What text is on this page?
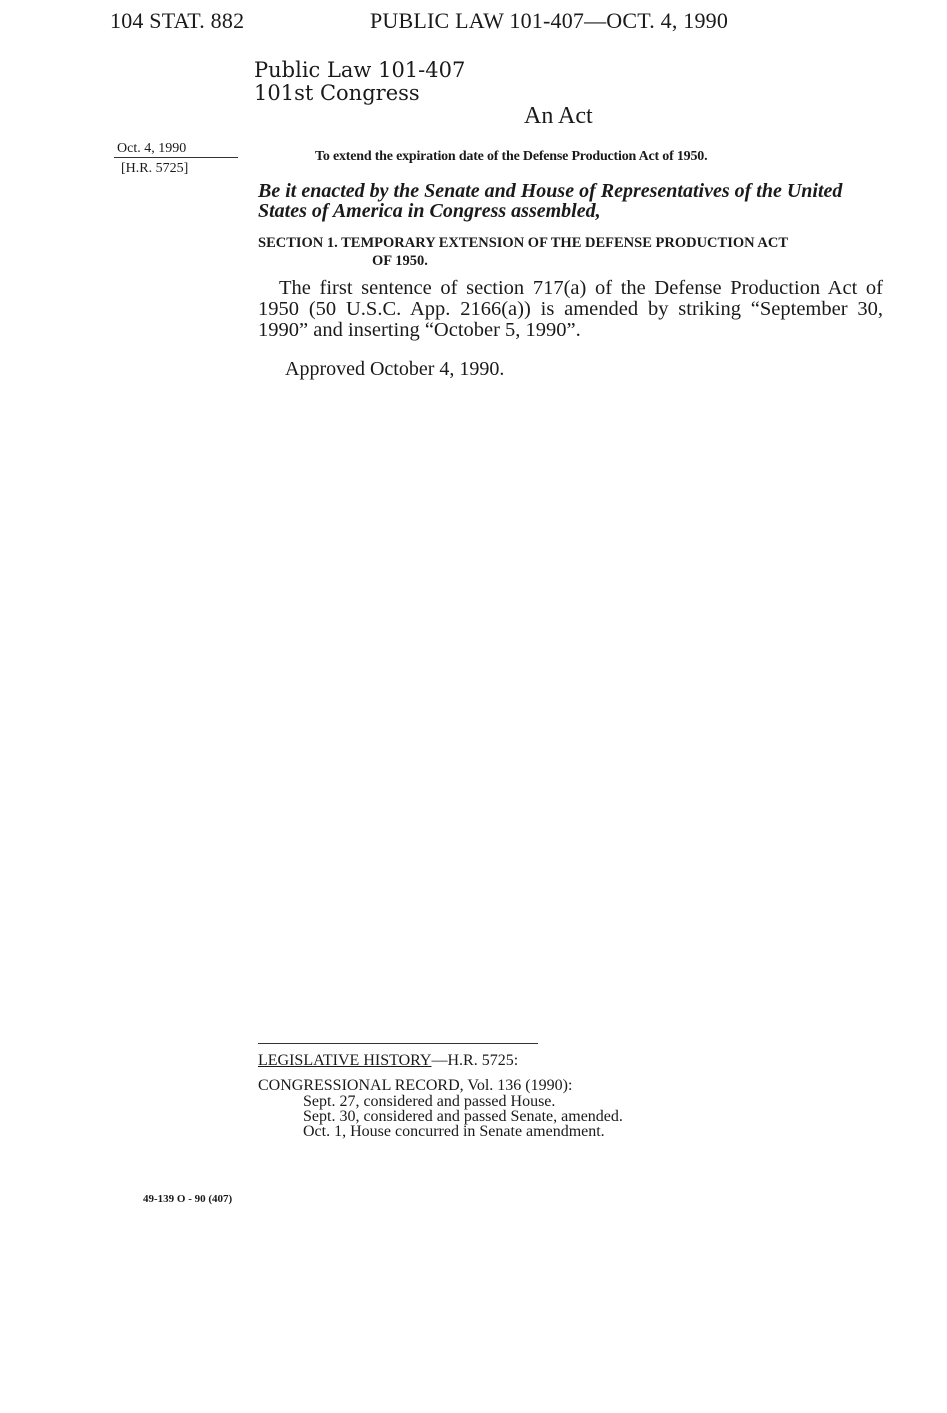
104 STAT. 882	PUBLIC LAW 101-407—OCT. 4, 1990
Public Law 101-407
101st Congress
An Act
Oct. 4, 1990
[H.R. 5725]
To extend the expiration date of the Defense Production Act of 1950.
Be it enacted by the Senate and House of Representatives of the United States of America in Congress assembled,
SECTION 1. TEMPORARY EXTENSION OF THE DEFENSE PRODUCTION ACT
OF 1950.
The first sentence of section 717(a) of the Defense Production Act of 1950 (50 U.S.C. App. 2166(a)) is amended by striking “September 30, 1990” and inserting “October 5, 1990”.
Approved October 4, 1990.
LEGISLATIVE HISTORY—H.R. 5725:
CONGRESSIONAL RECORD, Vol. 136 (1990):
Sept. 27, considered and passed House.
Sept. 30, considered and passed Senate, amended.
Oct. 1, House concurred in Senate amendment.
49-139 O - 90 (407)
